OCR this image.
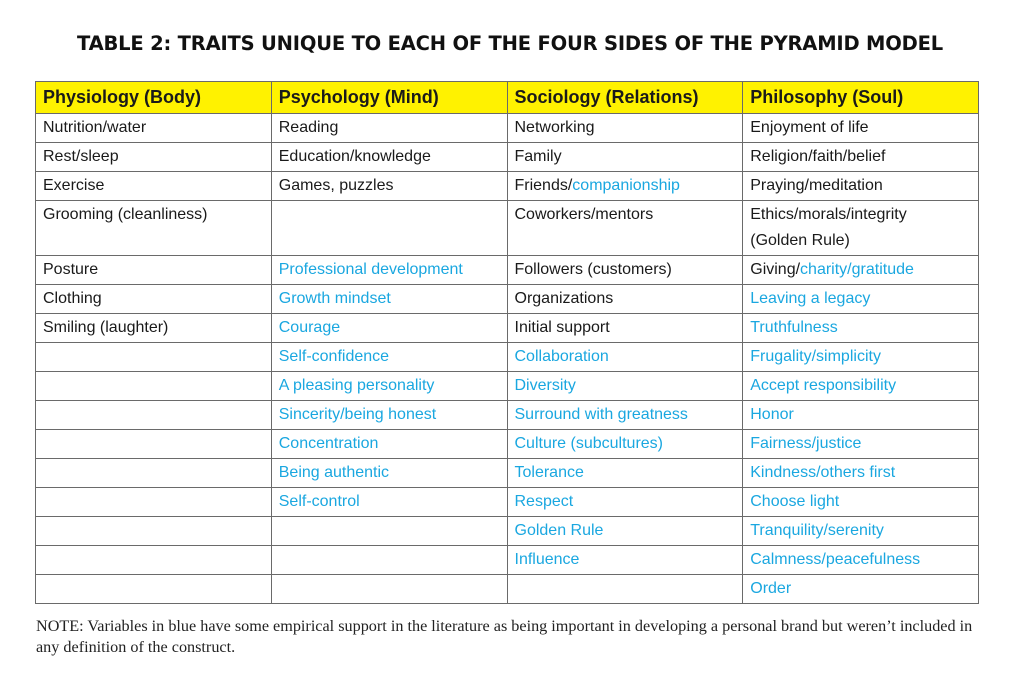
TABLE 2: TRAITS UNIQUE TO EACH OF THE FOUR SIDES OF THE PYRAMID MODEL
Physiology (Body)	Psychology (Mind)	Sociology (Relations)	Philosophy (Soul)
Nutrition/water	Reading	Networking	Enjoyment of life
Rest/sleep	Education/knowledge	Family	Religion/faith/belief
Exercise	Games, puzzles	Friends/companionship	Praying/meditation
Grooming (cleanliness)		Coworkers/mentors	Ethics/morals/integrity
(Golden Rule)
Posture	Professional development	Followers (customers)	Giving/charity/gratitude
Clothing	Growth mindset	Organizations	Leaving a legacy
Smiling (laughter)	Courage	Initial support	Truthfulness
	Self-confidence	Collaboration	Frugality/simplicity
	A pleasing personality	Diversity	Accept responsibility
	Sincerity/being honest	Surround with greatness	Honor
	Concentration	Culture (subcultures)	Fairness/justice
	Being authentic	Tolerance	Kindness/others first
	Self-control	Respect	Choose light
		Golden Rule	Tranquility/serenity
		Influence	Calmness/peacefulness
			Order
NOTE: Variables in blue have some empirical support in the literature as being important in developing a personal brand but weren’t included in any definition of the construct.
